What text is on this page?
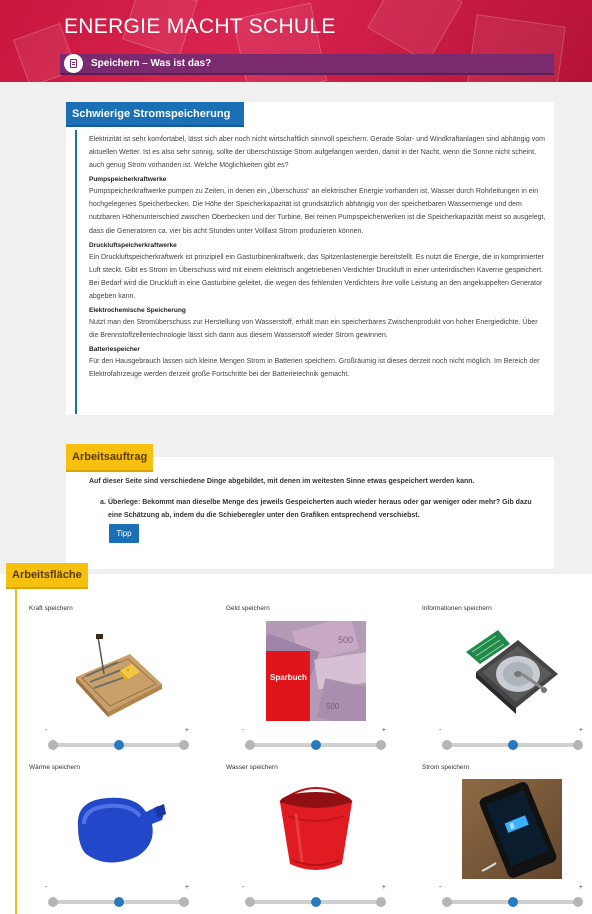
ENERGIE MACHT SCHULE
Speichern – Was ist das?
Schwierige Stromspeicherung

Elektrizität ist sehr komfortabel, lässt sich aber noch nicht wirtschaftlich sinnvoll speichern. Gerade Solar- und Windkraftanlagen sind abhängig vom aktuellen Wetter. Ist es also sehr sonnig, sollte der überschüssige Strom aufgefangen werden, damit in der Nacht, wenn die Sonne nicht scheint, auch genug Strom vorhanden ist. Welche Möglichkeiten gibt es?

Pumpspeicherkraftwerke

Pumpspeicherkraftwerke pumpen zu Zeiten, in denen ein „Überschuss“ an elektrischer Energie vorhanden ist, Wasser durch Rohrleitungen in ein hochgelegenes Speicherbecken. Die Höhe der Speicherkapazität ist grundsätzlich abhängig von der speicherbaren Wassermenge und dem nutzbaren Höhenunterschied zwischen Oberbecken und der Turbine. Bei reinen Pumpspeicherwerken ist die Speicherkapazität meist so ausgelegt, dass die Generatoren ca. vier bis acht Stunden unter Volllast Strom produzieren können.

Druckluftspeicherkraftwerke

Ein Druckluftspeicherkraftwerk ist prinzipiell ein Gasturbinenkraftwerk, das Spitzenlastenergie bereitstellt. Es nutzt die Energie, die in komprimierter Luft steckt. Gibt es Strom im Überschuss wird mit einem elektrisch angetriebenen Verdichter Druckluft in einer unterirdischen Kaverne gespeichert. Bei Bedarf wird die Druckluft in eine Gasturbine geleitet, die wegen des fehlenden Verdichters ihre volle Leistung an den angekuppelten Generator abgeben kann.

Elektrochemische Speicherung

Nutzt man den Stromüberschuss zur Herstellung von Wasserstoff, erhält man ein speicherbares Zwischenprodukt von hoher Energiedichte. Über die Brennstoffzellentechnologie lässt sich dann aus diesem Wasserstoff wieder Strom gewinnen.

Batteriespeicher

Für den Hausgebrauch lassen sich kleine Mengen Strom in Batterien speichern. Großräumig ist dieses derzeit noch nicht möglich. Im Bereich der Elektrofahrzeuge werden derzeit große Fortschritte bei der Batterietechnik gemacht.

Arbeitsauftrag
Auf dieser Seite sind verschiedene Dinge abgebildet, mit denen im weitesten Sinne etwas gespeichert werden kann.
a. Überlege: Bekommt man dieselbe Menge des jeweils Gespeicherten auch wieder heraus oder gar weniger oder mehr? Gib dazu eine Schätzung ab, indem du die Schieberegler unter den Grafiken entsprechend verschiebst.
Tipp
Arbeitsfläche
Kraft speichern
-	+
Geld speichern
500
500
Sparbuch
-	+
Informationen speichern
-	+
Wärme speichern
-	+
Wasser speichern
-	+
Strom speichern
-	+
